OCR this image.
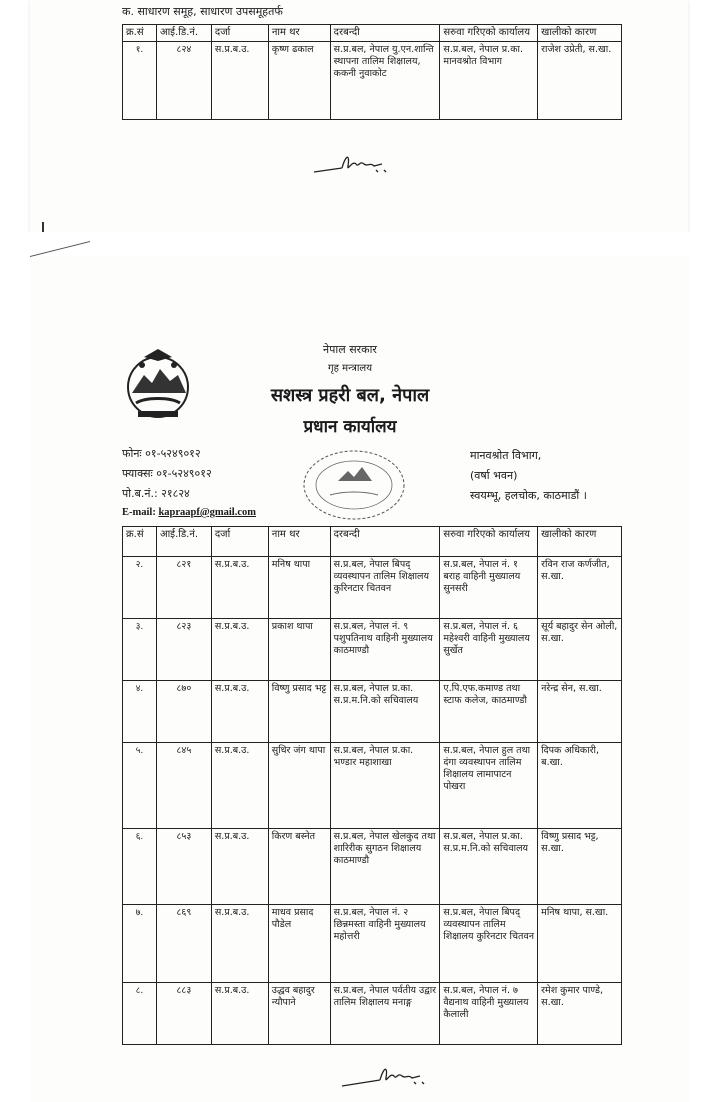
क. साधारण समूह, साधारण उपसमूहतर्फ
क्र.सं	आई.डि.नं.	दर्जा	नाम थर	दरबन्दी	सरुवा गरिएको कार्यालय	खालीको कारण
१.	८२४	स.प्र.ब.उ.	कृष्ण ढकाल	स.प्र.बल, नेपाल यु.एन.शान्ति स्थापना तालिम शिक्षालय, ककनी नुवाकोट	स.प्र.बल, नेपाल प्र.का. मानवश्रोत विभाग	राजेश उप्रेती, स.खा.
नेपाल सरकार
गृह मन्त्रालय
सशस्त्र प्रहरी बल, नेपाल
प्रधान कार्यालय
फोनः ०१-५२४९०१२
फ्याक्सः ०१-५२४९०१२
पो.ब.नं.: २१८२४
E-mail: kapraapf@gmail.com
मानवश्रोत विभाग,
(वर्षा भवन)
स्वयम्भू, हलचोक, काठमाडौं ।
क्र.सं	आई.डि.नं.	दर्जा	नाम थर	दरबन्दी	सरुवा गरिएको कार्यालय	खालीको कारण
२.	८२१	स.प्र.ब.उ.	मनिष थापा	स.प्र.बल, नेपाल बिपद् व्यवस्थापन तालिम शिक्षालय कुरिनटार चितवन	स.प्र.बल, नेपाल नं. १ बराह वाहिनी मुख्यालय सुनसरी	रविन राज कर्णजीत, स.खा.
३.	८२३	स.प्र.ब.उ.	प्रकाश थापा	स.प्र.बल, नेपाल नं. ९ पशुपतिनाथ वाहिनी मुख्यालय काठमाण्डौ	स.प्र.बल, नेपाल नं. ६ महेश्वरी वाहिनी मुख्यालय सुर्खेत	सूर्य बहादुर सेन ओली, स.खा.
४.	८७०	स.प्र.ब.उ.	विष्णु प्रसाद भट्ट	स.प्र.बल, नेपाल प्र.का. स.प्र.म.नि.को सचिवालय	ए.पि.एफ.कमाण्ड तथा स्टाफ कलेज, काठमाण्डौ	नरेन्द्र सेन, स.खा.
५.	८४५	स.प्र.ब.उ.	सुधिर जंग थापा	स.प्र.बल, नेपाल प्र.का. भण्डार महाशाखा	स.प्र.बल, नेपाल हुल तथा दंगा व्यवस्थापन तालिम शिक्षालय लामापाटन पोखरा	दिपक अधिकारी, ब.खा.
६.	८५३	स.प्र.ब.उ.	किरण बस्नेत	स.प्र.बल, नेपाल खेलकुद तथा शारिरीक सुगठन शिक्षालय काठमाण्डौ	स.प्र.बल, नेपाल प्र.का. स.प्र.म.नि.को सचिवालय	विष्णु प्रसाद भट्ट, स.खा.
७.	८६९	स.प्र.ब.उ.	माधव प्रसाद पौडेल	स.प्र.बल, नेपाल नं. २ छिन्नमस्ता वाहिनी मुख्यालय महोत्तरी	स.प्र.बल, नेपाल बिपद् व्यवस्थापन तालिम शिक्षालय कुरिनटार चितवन	मनिष थापा, स.खा.
८.	८८३	स.प्र.ब.उ.	उद्धव बहादुर न्यौपाने	स.प्र.बल, नेपाल पर्वतीय उद्वार तालिम शिक्षालय मनाङ्ग	स.प्र.बल, नेपाल नं. ७ वैद्यनाथ वाहिनी मुख्यालय कैलाली	रमेश कुमार पाण्डे, स.खा.
